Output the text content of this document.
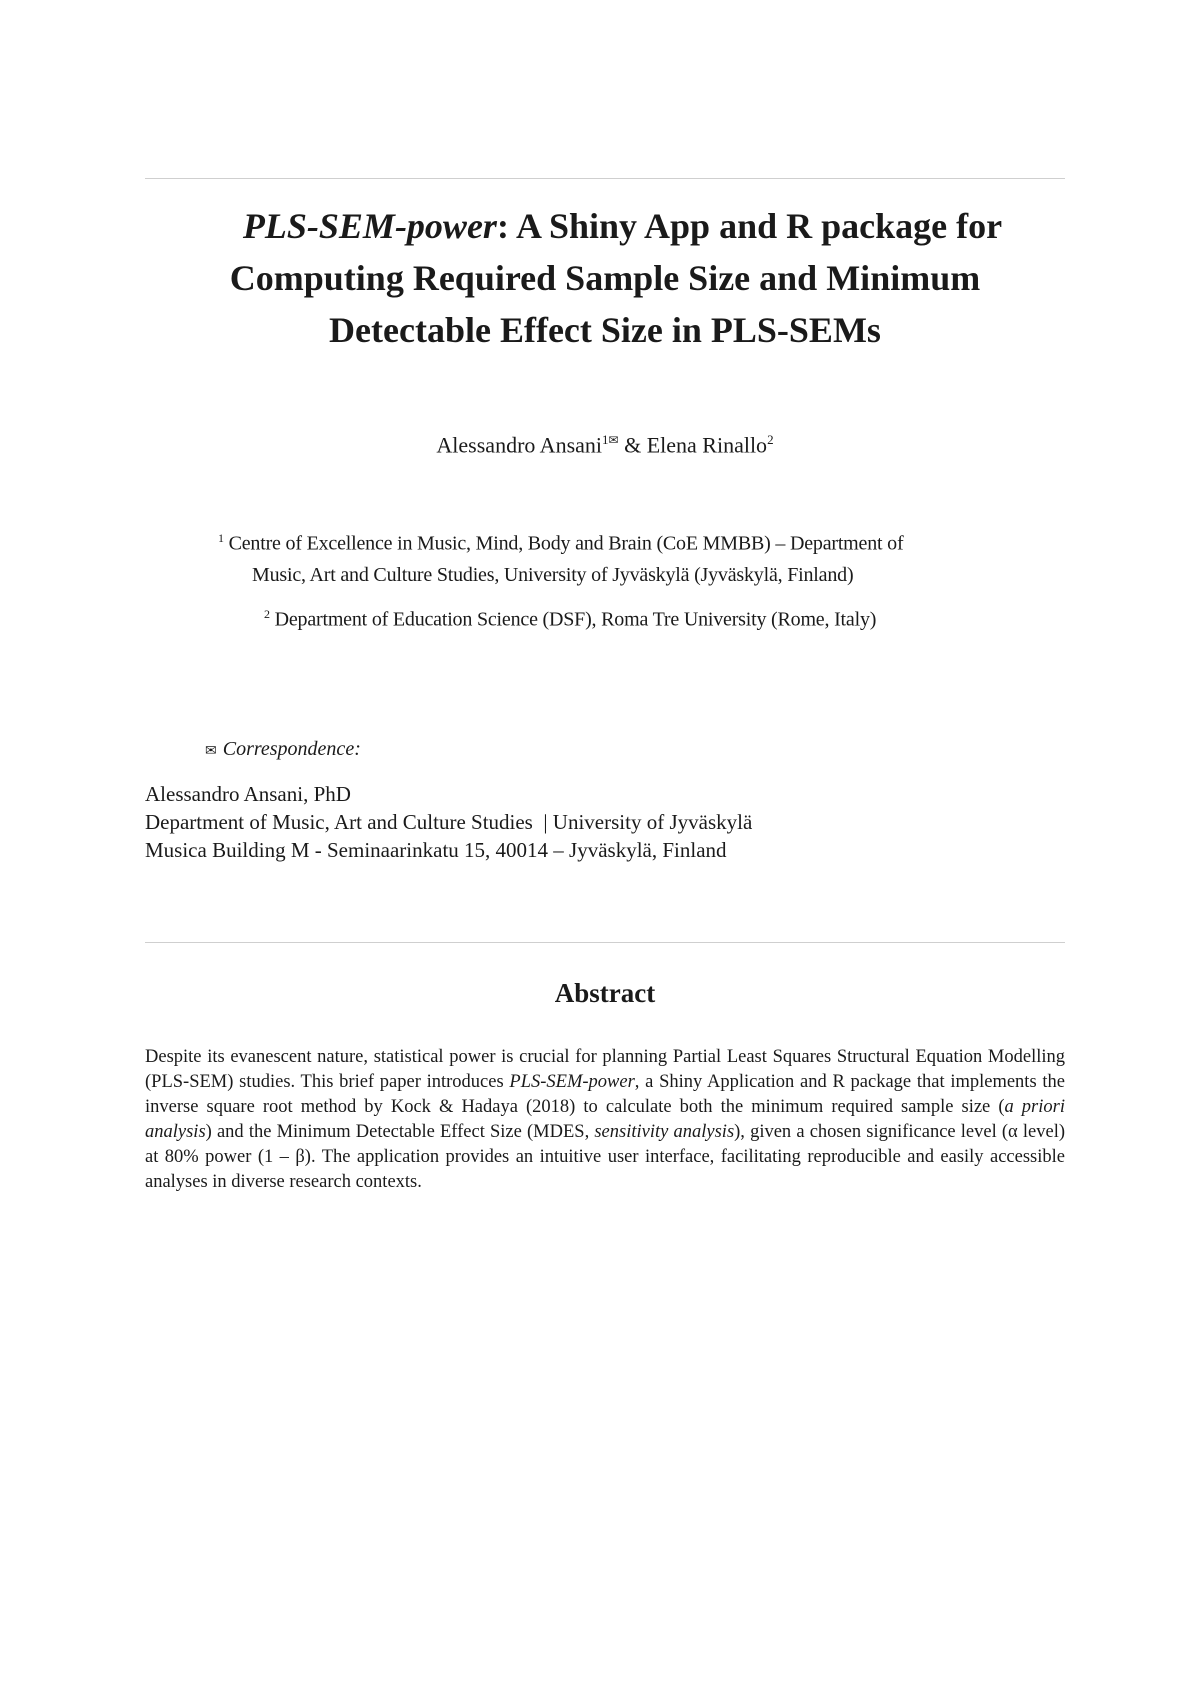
PLS-SEM-power: A Shiny App and R package for
Computing Required Sample Size and Minimum
Detectable Effect Size in PLS-SEMs
Alessandro Ansani$^{1✉}$ & Elena Rinallo$^2$
$^1$ Centre of Excellence in Music, Mind, Body and Brain (CoE MMBB) – Department of
Music, Art and Culture Studies, University of Jyväskylä (Jyväskylä, Finland)
$^2$ Department of Education Science (DSF), Roma Tre University (Rome, Italy)
✉ Correspondence:
Alessandro Ansani, PhD
Department of Music, Art and Culture Studies  | University of Jyväskylä
Musica Building M - Seminaarinkatu 15, 40014 – Jyväskylä, Finland
Abstract

Despite its evanescent nature, statistical power is crucial for planning Partial Least Squares Structural Equation Modelling (PLS-SEM) studies. This brief paper introduces PLS-SEM-power, a Shiny Application and R package that implements the inverse square root method by Kock & Hadaya (2018) to calculate both the minimum required sample size (a priori analysis) and the Minimum Detectable Effect Size (MDES, sensitivity analysis), given a chosen significance level (α level) at 80% power (1 – β). The application provides an intuitive user interface, facilitating reproducible and easily accessible analyses in diverse research contexts.
